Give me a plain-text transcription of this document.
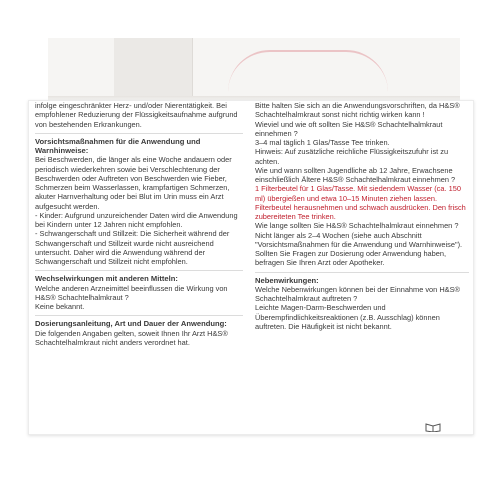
infolge eingeschränkter Herz- und/oder Nierentätigkeit. Bei empfohlener Reduzierung der Flüssigkeitsaufnahme aufgrund von bestehenden Erkrankungen.

Vorsichtsmaßnahmen für die Anwendung und Warnhinweise:

Bei Beschwerden, die länger als eine Woche andauern oder periodisch wiederkehren sowie bei Verschlechterung der Beschwerden oder Auftreten von Beschwerden wie Fieber, Schmerzen beim Wasserlassen, krampfartigen Schmerzen, akuter Harnverhaltung oder bei Blut im Urin muss ein Arzt aufgesucht werden.

- Kinder: Aufgrund unzureichender Daten wird die Anwendung bei Kindern unter 12 Jahren nicht empfohlen.

- Schwangerschaft und Stillzeit: Die Sicherheit während der Schwangerschaft und Stillzeit wurde nicht ausreichend untersucht. Daher wird die Anwendung während der Schwangerschaft und Stillzeit nicht empfohlen.

Wechselwirkungen mit anderen Mitteln:

Welche anderen Arzneimittel beeinflussen die Wirkung von H&S® Schachtelhalmkraut ?

Keine bekannt.

Dosierungsanleitung, Art und Dauer der Anwendung:

Die folgenden Angaben gelten, soweit Ihnen Ihr Arzt H&S® Schachtelhalmkraut nicht anders verordnet hat.

Bitte halten Sie sich an die Anwendungsvorschriften, da H&S® Schachtelhalmkraut sonst nicht richtig wirken kann !

Wieviel und wie oft sollten Sie H&S® Schachtelhalmkraut einnehmen ?

3–4 mal täglich 1 Glas/Tasse Tee trinken.

Hinweis: Auf zusätzliche reichliche Flüssigkeitszufuhr ist zu achten.

Wie und wann sollten Jugendliche ab 12 Jahre, Erwachsene einschließlich Ältere H&S® Schachtelhalmkraut einnehmen ?

1 Filterbeutel für 1 Glas/Tasse. Mit siedendem Wasser (ca. 150 ml) übergießen und etwa 10–15 Minuten ziehen lassen. Filterbeutel herausnehmen und schwach ausdrücken. Den frisch zubereiteten Tee trinken.

Wie lange sollten Sie H&S® Schachtelhalmkraut einnehmen ?

Nicht länger als 2–4 Wochen (siehe auch Abschnitt "Vorsichtsmaßnahmen für die Anwendung und Warnhinweise"). Sollten Sie Fragen zur Dosierung oder Anwendung haben, befragen Sie Ihren Arzt oder Apotheker.

Nebenwirkungen:

Welche Nebenwirkungen können bei der Einnahme von H&S® Schachtelhalmkraut auftreten ?

Leichte Magen-Darm-Beschwerden und Überempfindlichkeitsreaktionen (z.B. Ausschlag) können auftreten. Die Häufigkeit ist nicht bekannt.
